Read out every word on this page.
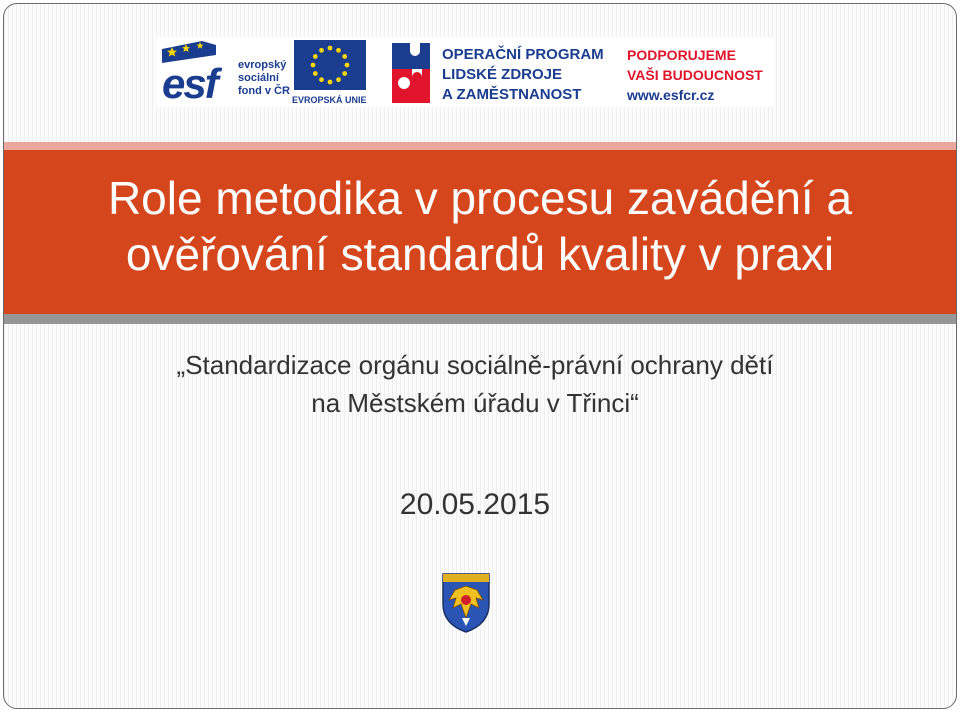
esf evropský
sociální
fond v ČR
EVROPSKÁ UNIE
OPERAČNÍ PROGRAM
LIDSKÉ ZDROJE
A ZAMĚSTNANOST
PODPORUJEME
VAŠI BUDOUCNOST
www.esfcr.cz
Role metodika v procesu zavádění a
ověřování standardů kvality v praxi

„Standardizace orgánu sociálně-právní ochrany dětí
na Městském úřadu v Třinci“

20.05.2015
